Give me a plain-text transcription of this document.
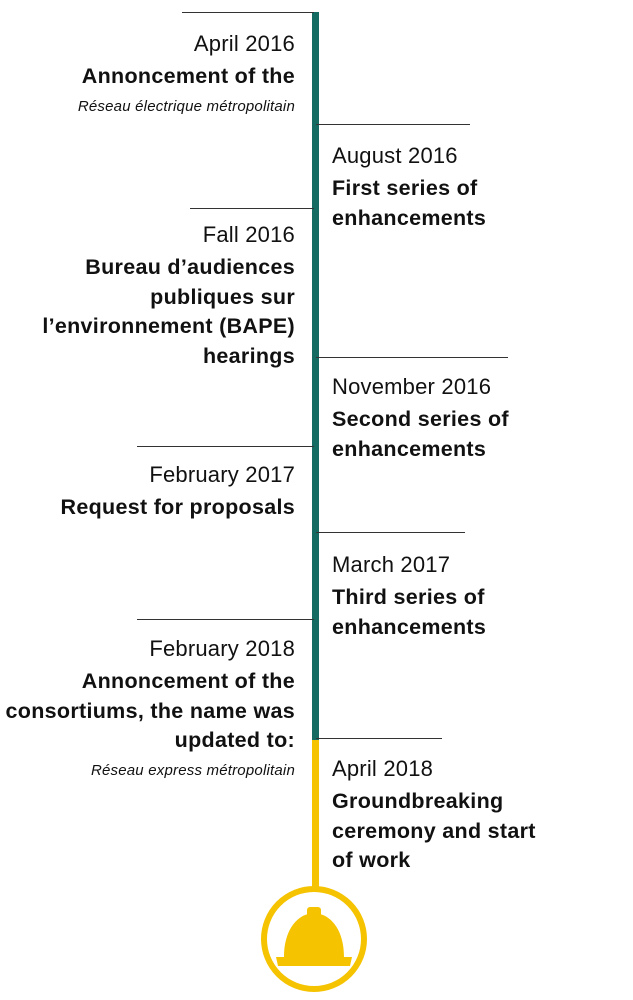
April 2016
Annoncement of the
Réseau électrique métropolitain
August 2016
First series of enhancements
Fall 2016
Bureau d’audiences publiques sur l’environnement (BAPE) hearings
November 2016
Second series of enhancements
February 2017
Request for proposals
March 2017
Third series of enhancements
February 2018
Annoncement of the consortiums, the name was updated to:
Réseau express métropolitain April 2018
Groundbreaking ceremony and start of work
